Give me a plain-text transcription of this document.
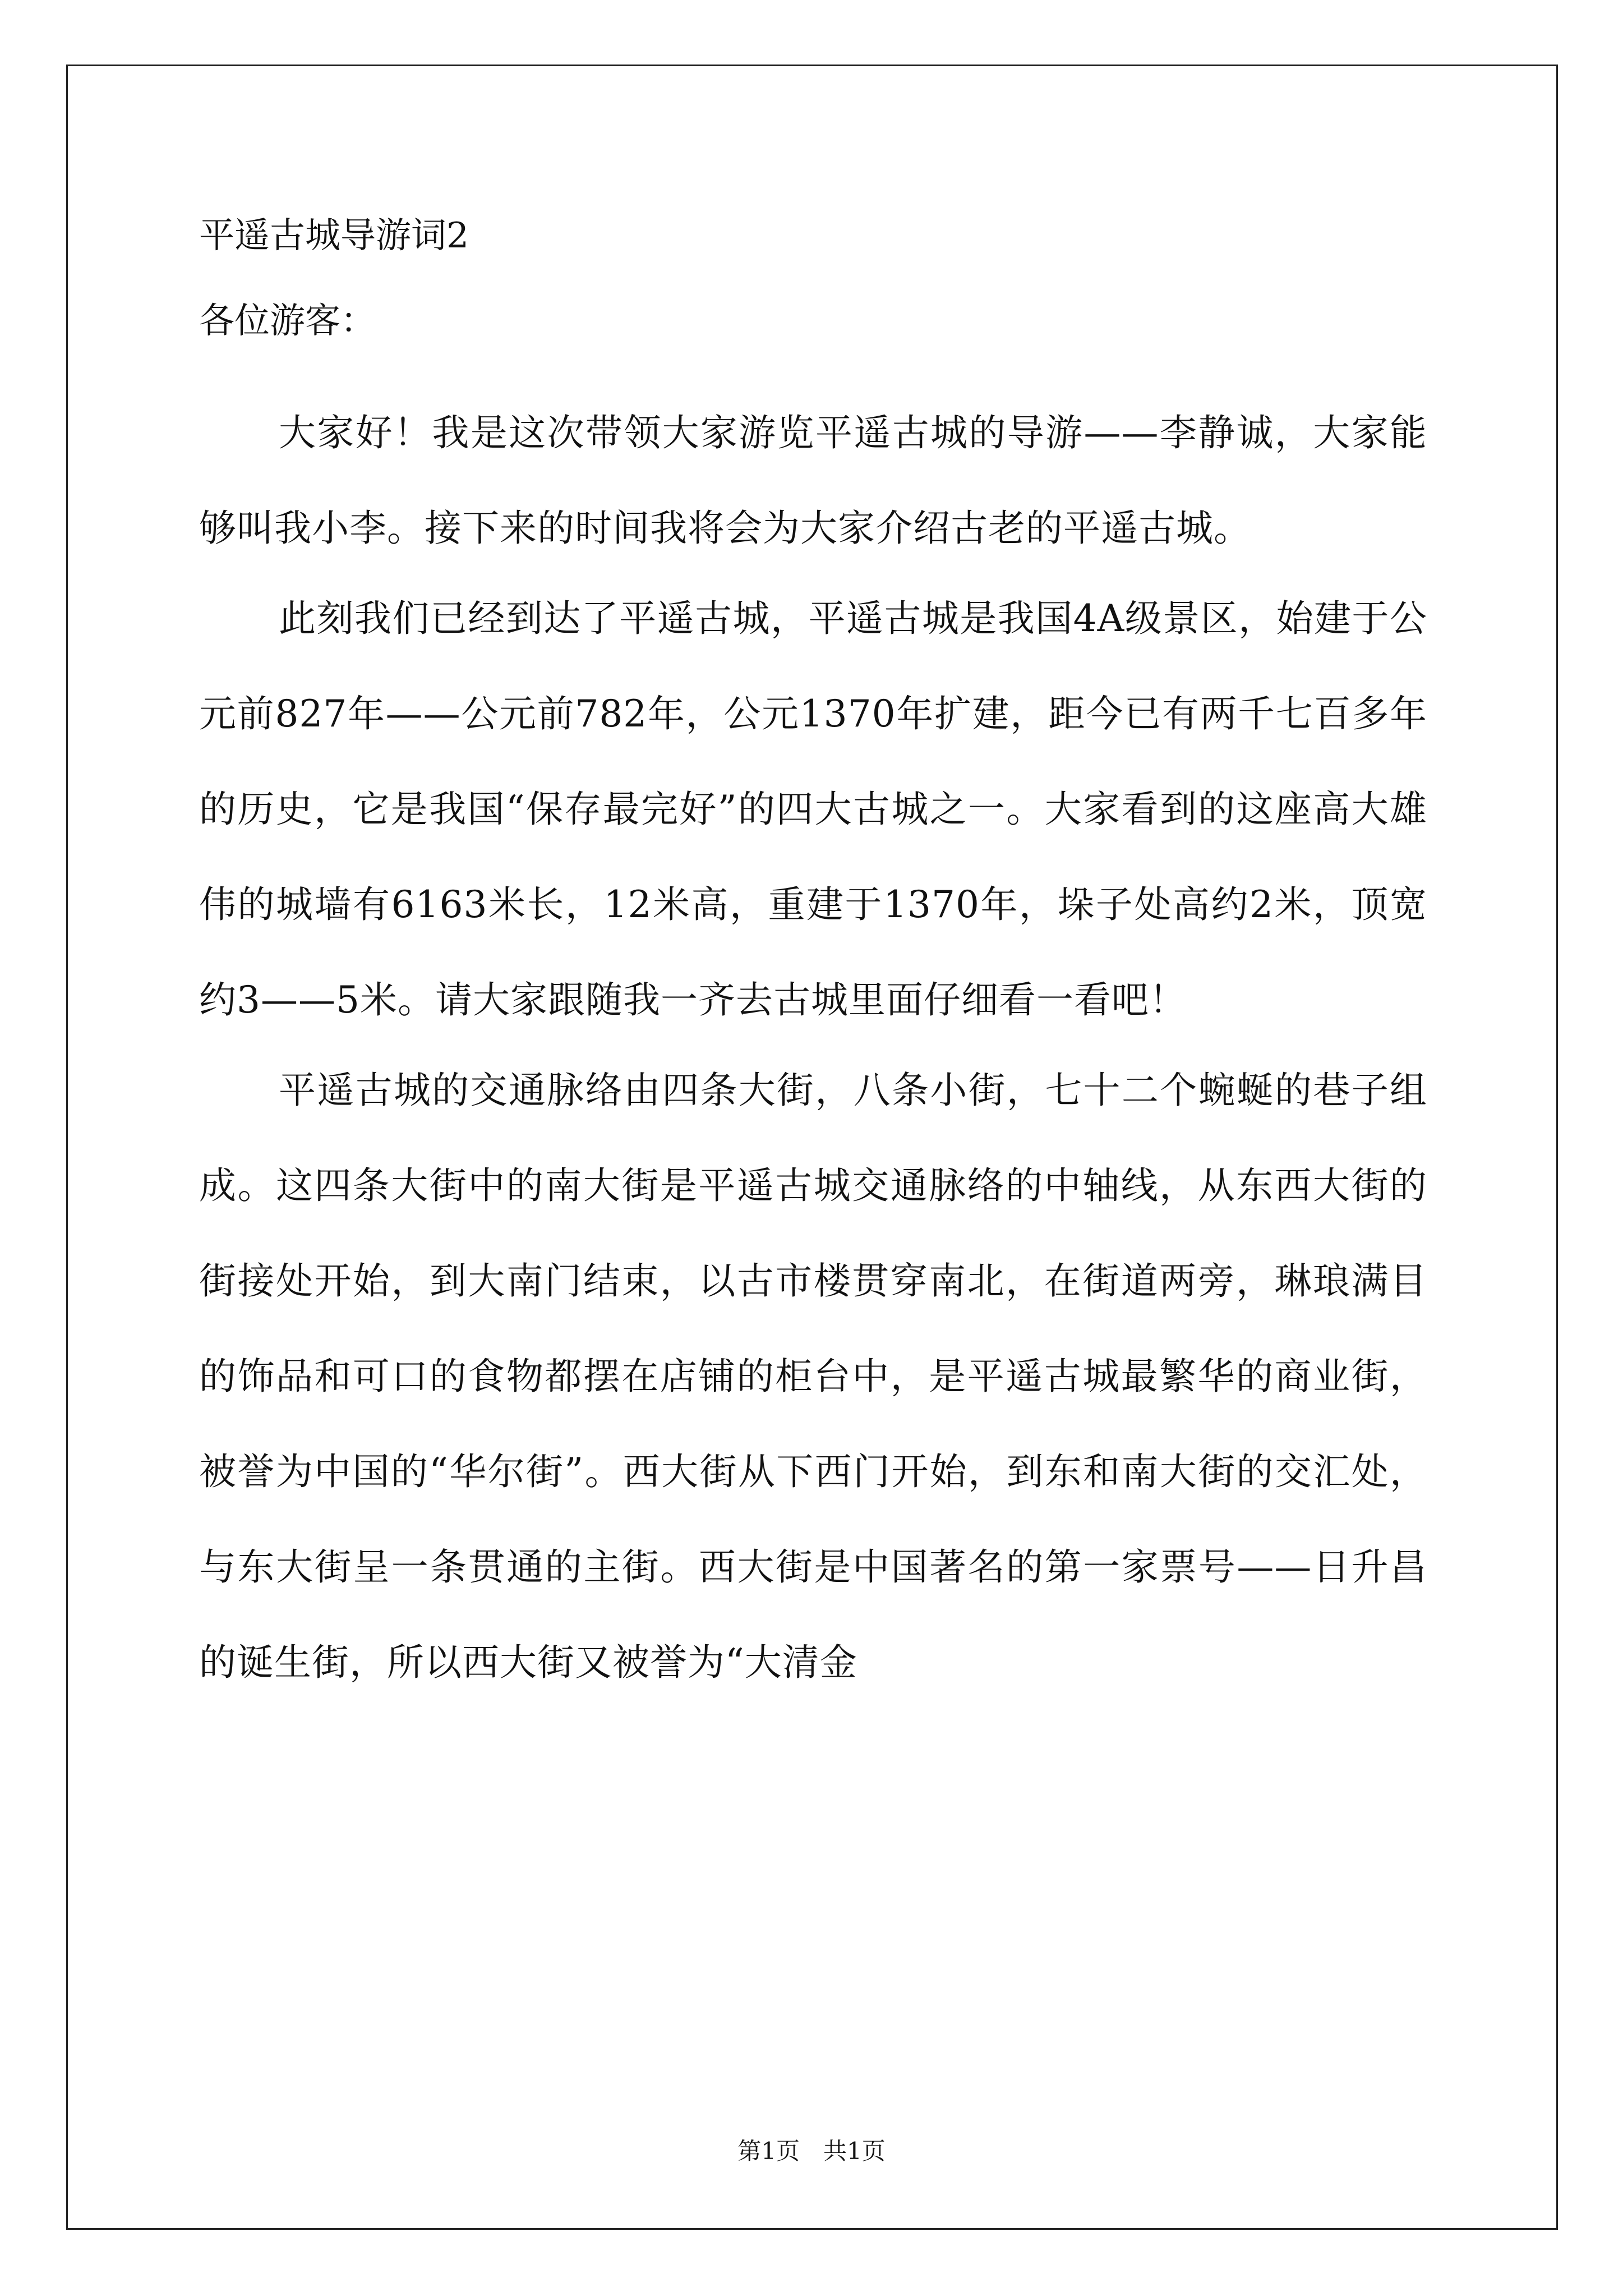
平遥古城导游词2

各位游客：

大家好！我是这次带领大家游览平遥古城的导游——李静诚，大家能够叫我小李。接下来的时间我将会为大家介绍古老的平遥古城。

此刻我们已经到达了平遥古城，平遥古城是我国4A级景区，始建于公元前827年——公元前782年，公元1370年扩建，距今已有两千七百多年的历史，它是我国“保存最完好”的四大古城之一。大家看到的这座高大雄伟的城墙有6163米长，12米高，重建于1370年，垛子处高约2米，顶宽约3——5米。请大家跟随我一齐去古城里面仔细看一看吧！

平遥古城的交通脉络由四条大街，八条小街，七十二个蜿蜒的巷子组成。这四条大街中的南大街是平遥古城交通脉络的中轴线，从东西大街的街接处开始，到大南门结束，以古市楼贯穿南北，在街道两旁，琳琅满目的饰品和可口的食物都摆在店铺的柜台中，是平遥古城最繁华的商业街，被誉为中国的“华尔街”。西大街从下西门开始，到东和南大街的交汇处，与东大街呈一条贯通的主街。西大街是中国著名的第一家票号——日升昌的诞生街，所以西大街又被誉为“大清金

第1页　共1页
